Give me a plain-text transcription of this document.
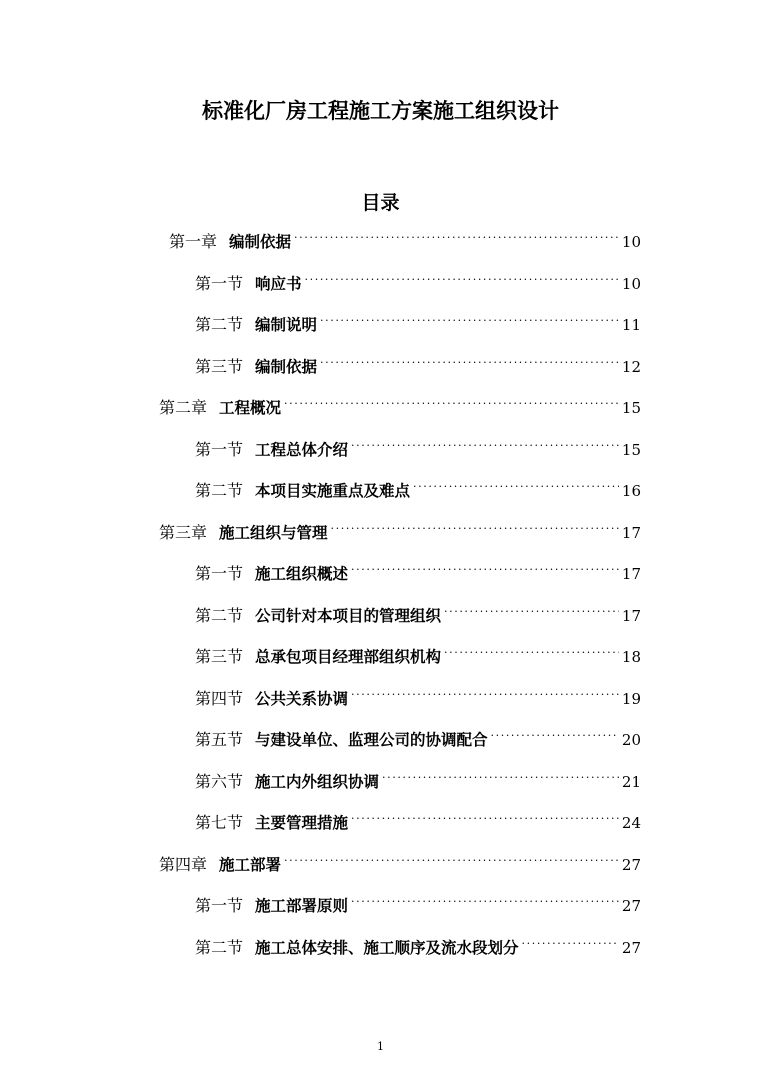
标准化厂房工程施工方案施工组织设计
目录
第一章 编制依据 .....	10
第一节 响应书 .....	10
第二节 编制说明 .....	11
第三节 编制依据 .....	12
第二章 工程概况 .....	15
第一节 工程总体介绍 .....	15
第二节 本项目实施重点及难点 .....	16
第三章 施工组织与管理 .....	17
第一节 施工组织概述 .....	17
第二节 公司针对本项目的管理组织 .....	17
第三节 总承包项目经理部组织机构 .....	18
第四节 公共关系协调 .....	19
第五节 与建设单位、监理公司的协调配合 .....	20
第六节 施工内外组织协调 .....	21
第七节 主要管理措施 .....	24
第四章 施工部署 .....	27
第一节 施工部署原则 .....	27
第二节 施工总体安排、施工顺序及流水段划分 .....	27
1
